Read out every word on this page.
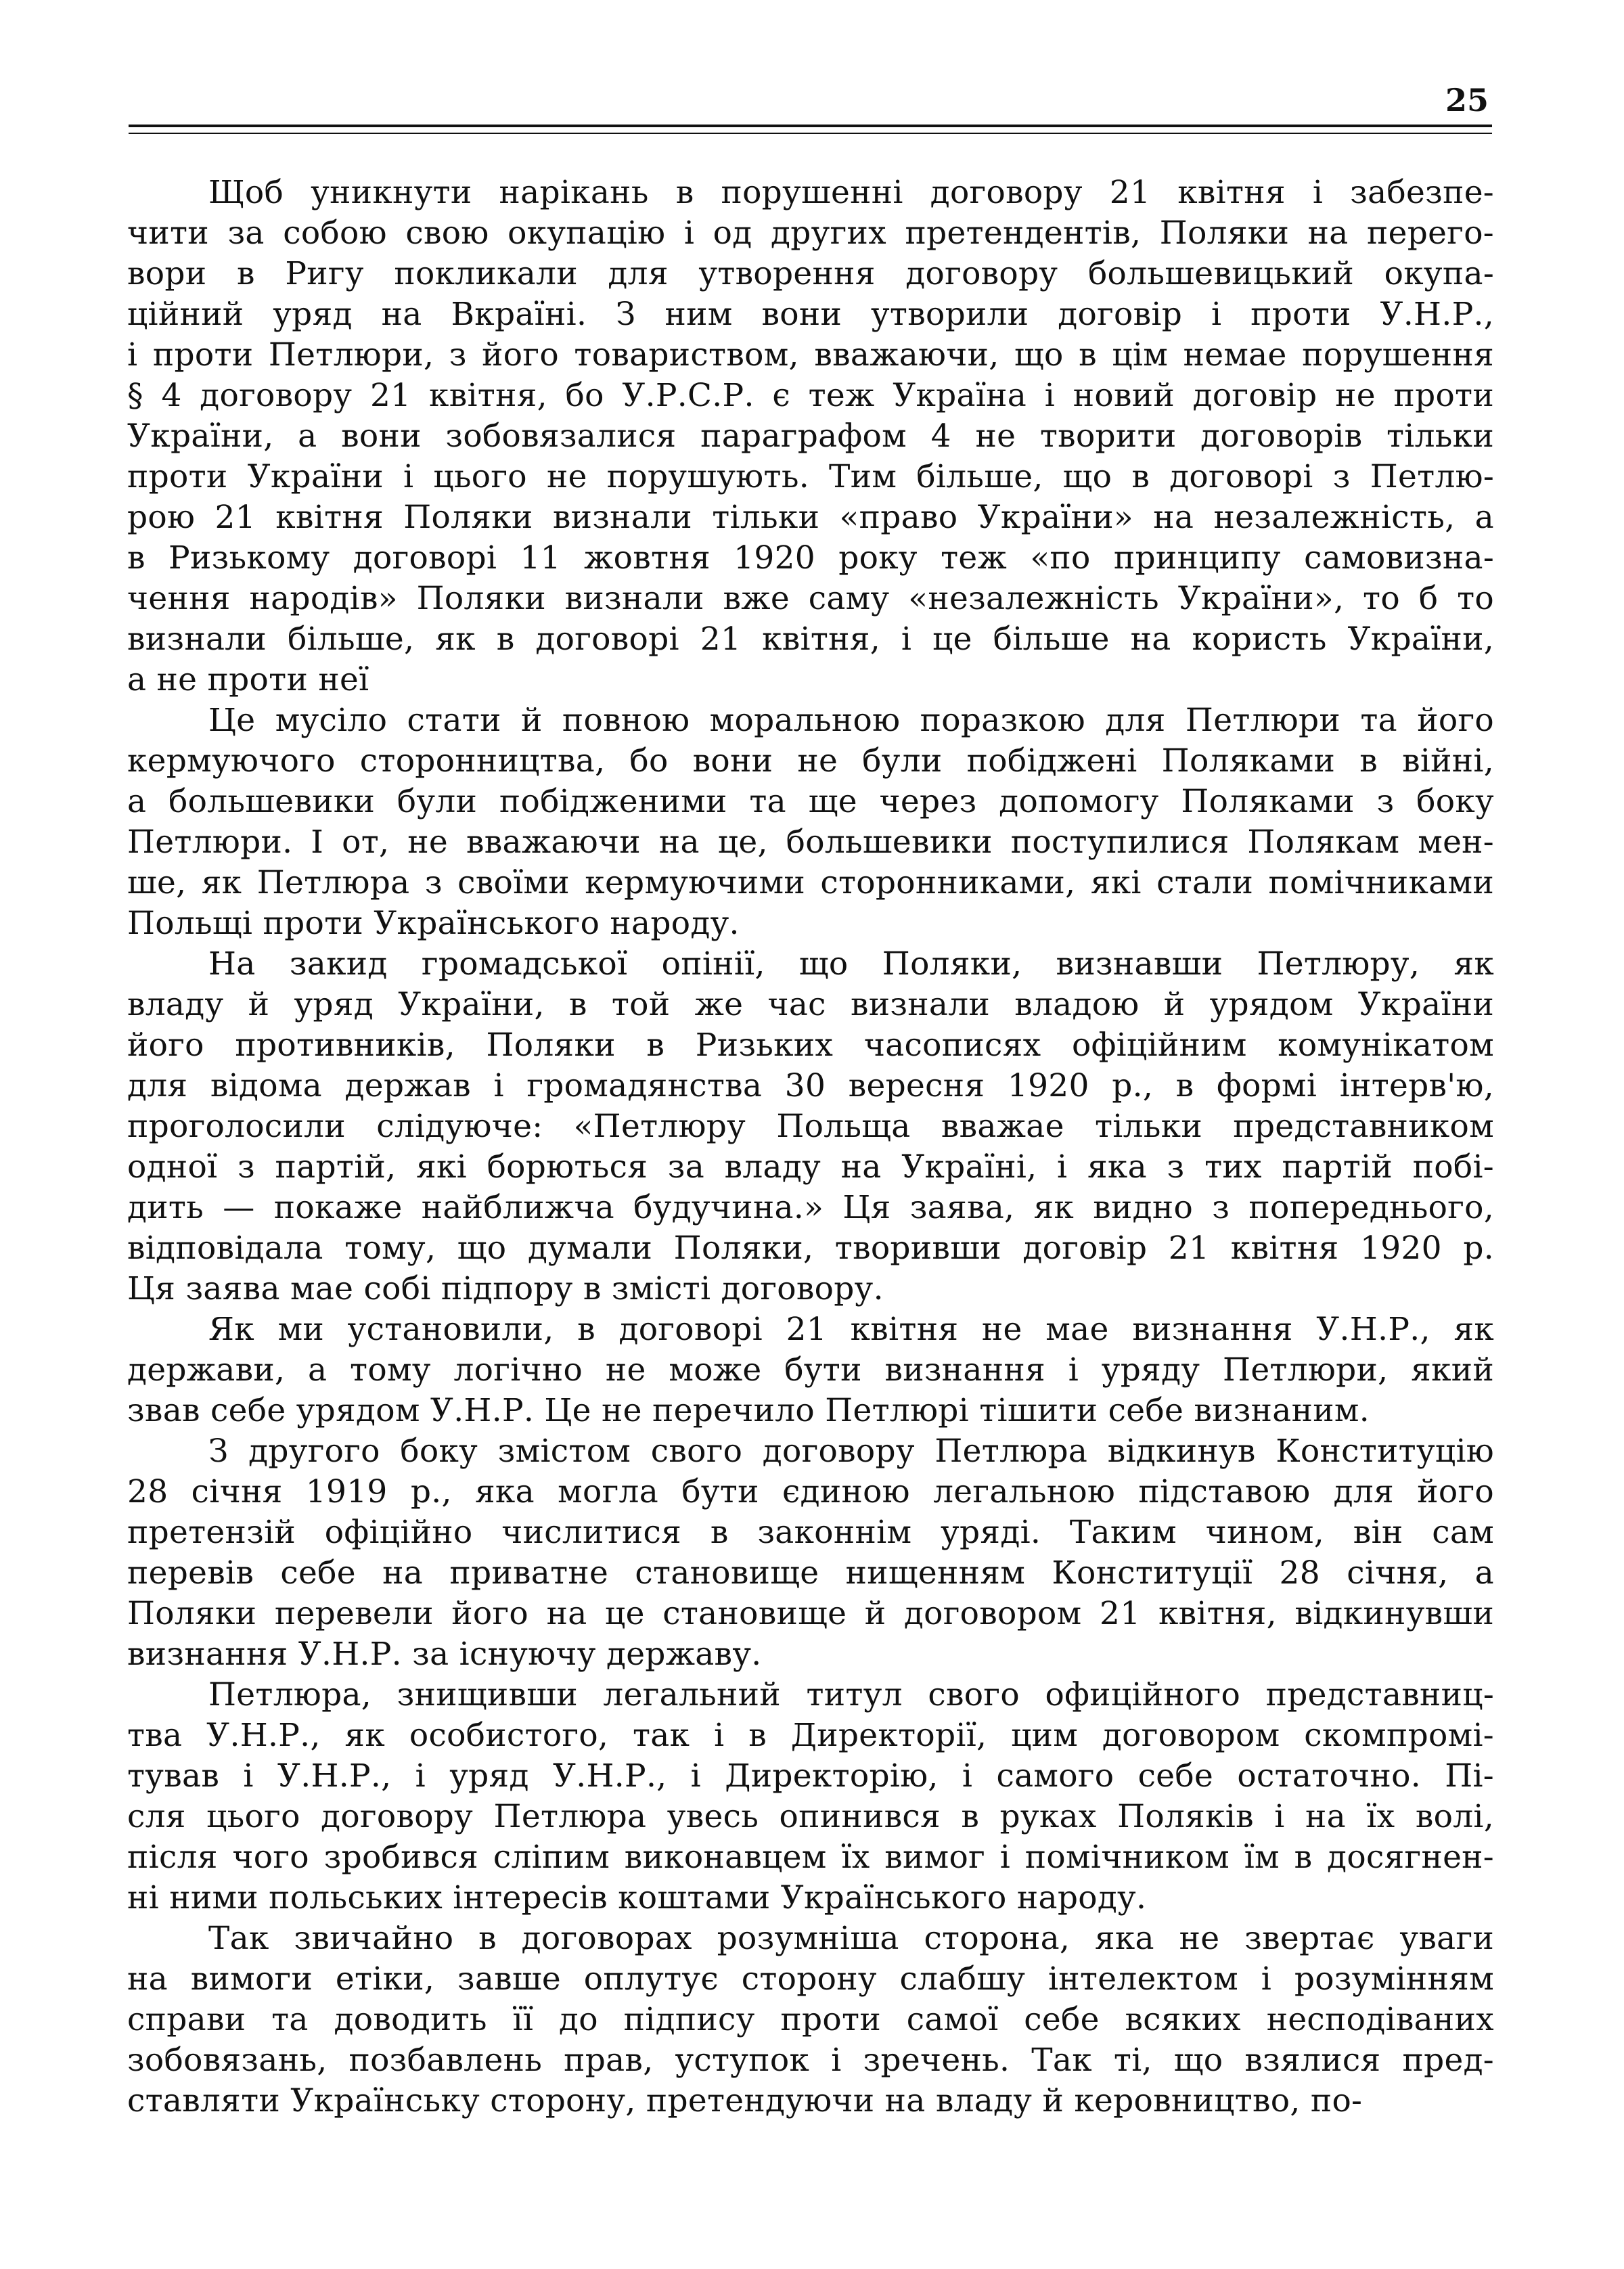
25
Щоб уникнути нарікань в порушенні договору 21 квітня і забезпе-
чити за собою свою окупацію і од других претендентів, Поляки на перего-
вори в Ригу покликали для утворення договору большевицький окупа-
ційний уряд на Вкраїні. З ним вони утворили договір і проти У.Н.Р.,
і проти Петлюри, з його товариством, вважаючи, що в цім немае порушення
§ 4 договору 21 квітня, бо У.Р.С.Р. є теж Україна і новий договір не проти
України, а вони зобовязалися параграфом 4 не творити договорів тільки
проти України і цього не порушують. Тим більше, що в договорі з Петлю-
рою 21 квітня Поляки визнали тільки «право України» на незалежність, а
в Ризькому договорі 11 жовтня 1920 року теж «по принципу самовизна-
чення народів» Поляки визнали вже саму «незалежність України», то б то
визнали більше, як в договорі 21 квітня, і це більше на користь України,
а не проти неї
Це мусіло стати й повною моральною поразкою для Петлюри та його
кермуючого сторонництва, бо вони не були побіджені Поляками в війні,
а большевики були побідженими та ще через допомогу Поляками з боку
Петлюри. І от, не вважаючи на це, большевики поступилися Полякам мен-
ше, як Петлюра з своїми кермуючими сторонниками, які стали помічниками
Польщі проти Українського народу.
На закид громадської опінії, що Поляки, визнавши Петлюру, як
владу й уряд України, в той же час визнали владою й урядом України
його противників, Поляки в Ризьких часописях офіційним комунікатом
для відома держав і громадянства 30 вересня 1920 р., в формі інтерв'ю,
проголосили слідуюче: «Петлюру Польща вважае тільки представником
одної з партій, які борються за владу на Україні, і яка з тих партій побі-
дить — покаже найближча будучина.» Ця заява, як видно з попереднього,
відповідала тому, що думали Поляки, творивши договір 21 квітня 1920 р.
Ця заява мае собі підпору в змісті договору.
Як ми установили, в договорі 21 квітня не мае визнання У.Н.Р., як
держави, а тому логічно не може бути визнання і уряду Петлюри, який
звав себе урядом У.Н.Р. Це не перечило Петлюрі тішити себе визнаним.
З другого боку змістом свого договору Петлюра відкинув Конституцію
28 січня 1919 р., яка могла бути єдиною легальною підставою для його
претензій офіційно числитися в законнім уряді. Таким чином, він сам
перевів себе на приватне становище нищенням Конституції 28 січня, а
Поляки перевели його на це становище й договором 21 квітня, відкинувши
визнання У.Н.Р. за існуючу державу.
Петлюра, знищивши легальний титул свого офиційного представниц-
тва У.Н.Р., як особистого, так і в Директорії, цим договором скомпромі-
тував і У.Н.Р., і уряд У.Н.Р., і Директорію, і самого себе остаточно. Пі-
сля цього договору Петлюра увесь опинився в руках Поляків і на їх волі,
після чого зробився сліпим виконавцем їх вимог і помічником їм в досягнен-
ні ними польських інтересів коштами Українського народу.
Так звичайно в договорах розумніша сторона, яка не звертає уваги
на вимоги етіки, завше оплутує сторону слабшу інтелектом і розумінням
справи та доводить її до підпису проти самої себе всяких несподіваних
зобовязань, позбавлень прав, уступок і зречень. Так ті, що взялися пред-
ставляти Українську сторону, претендуючи на владу й керовництво, по-
